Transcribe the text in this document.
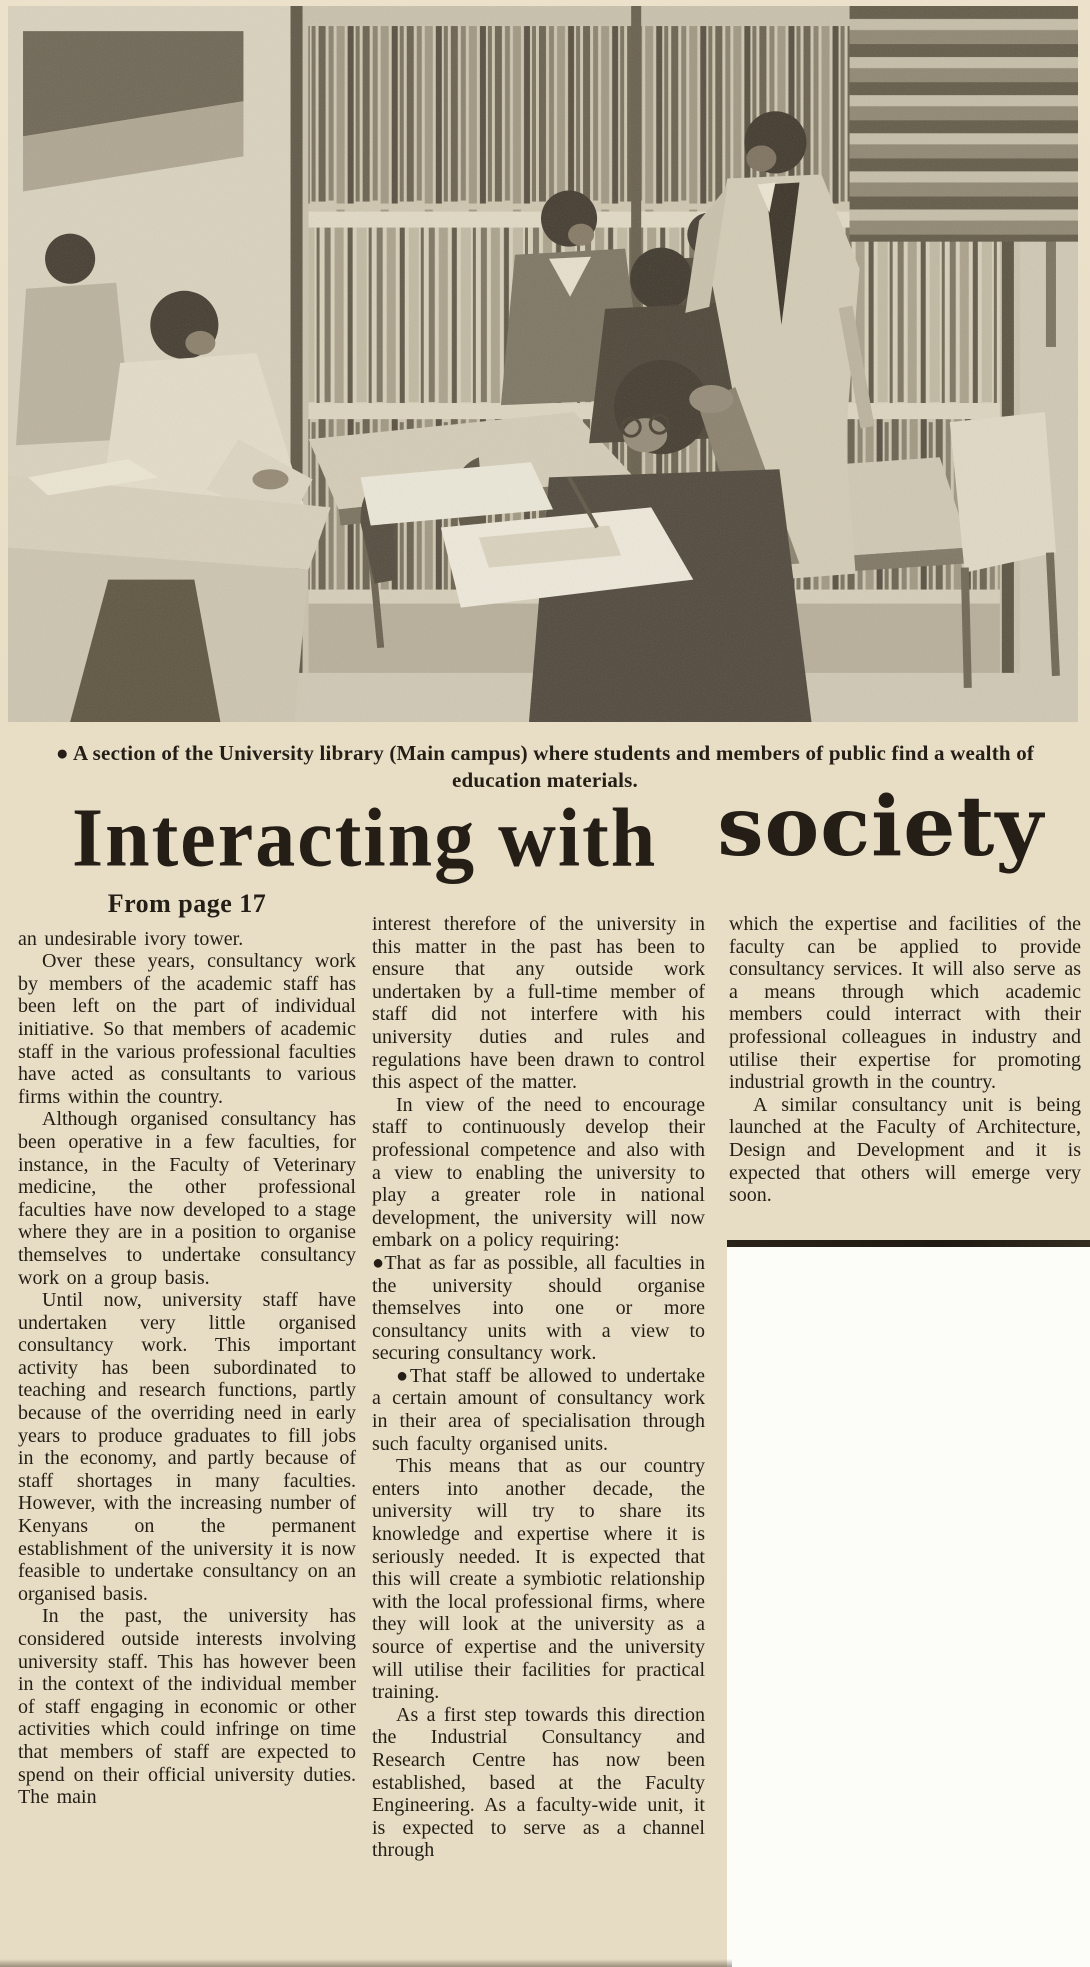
● A section of the University library (Main campus) where students and members of public find a wealth of education materials.
Interacting with society
From page 17

an undesirable ivory tower.

Over these years, consultancy work by members of the academic staff has been left on the part of individual initiative. So that members of academic staff in the various professional faculties have acted as consultants to various firms within the country.

Although organised consultancy has been operative in a few faculties, for instance, in the Faculty of Veterinary medicine, the other professional faculties have now developed to a stage where they are in a position to organise themselves to undertake consultancy work on a group basis.

Until now, university staff have undertaken very little organised consultancy work. This important activity has been subordinated to teaching and research functions, partly because of the overriding need in early years to produce graduates to fill jobs in the economy, and partly because of staff shortages in many faculties. However, with the increasing number of Kenyans on the permanent establishment of the university it is now feasible to undertake consultancy on an organised basis.

In the past, the university has considered outside interests involving university staff. This has however been in the context of the individual member of staff engaging in economic or other activities which could infringe on time that members of staff are expected to spend on their official university duties. The main

interest therefore of the university in this matter in the past has been to ensure that any outside work undertaken by a full-time member of staff did not interfere with his university duties and rules and regulations have been drawn to control this aspect of the matter.

In view of the need to encourage staff to continuously develop their professional competence and also with a view to enabling the university to play a greater role in national development, the university will now embark on a policy requiring:

●That as far as possible, all faculties in the university should organise themselves into one or more consultancy units with a view to securing consultancy work.

●That staff be allowed to undertake a certain amount of consultancy work in their area of specialisation through such faculty organised units.

This means that as our country enters into another decade, the university will try to share its knowledge and expertise where it is seriously needed. It is expected that this will create a symbiotic relationship with the local professional firms, where they will look at the university as a source of expertise and the university will utilise their facilities for practical training.

As a first step towards this direction the Industrial Consultancy and Research Centre has now been established, based at the Faculty Engineering. As a faculty-wide unit, it is expected to serve as a channel through

which the expertise and facilities of the faculty can be applied to provide consultancy services. It will also serve as a means through which academic members could interract with their professional colleagues in industry and utilise their expertise for promoting industrial growth in the country.

A similar consultancy unit is being launched at the Faculty of Architecture, Design and Development and it is expected that others will emerge very soon.
